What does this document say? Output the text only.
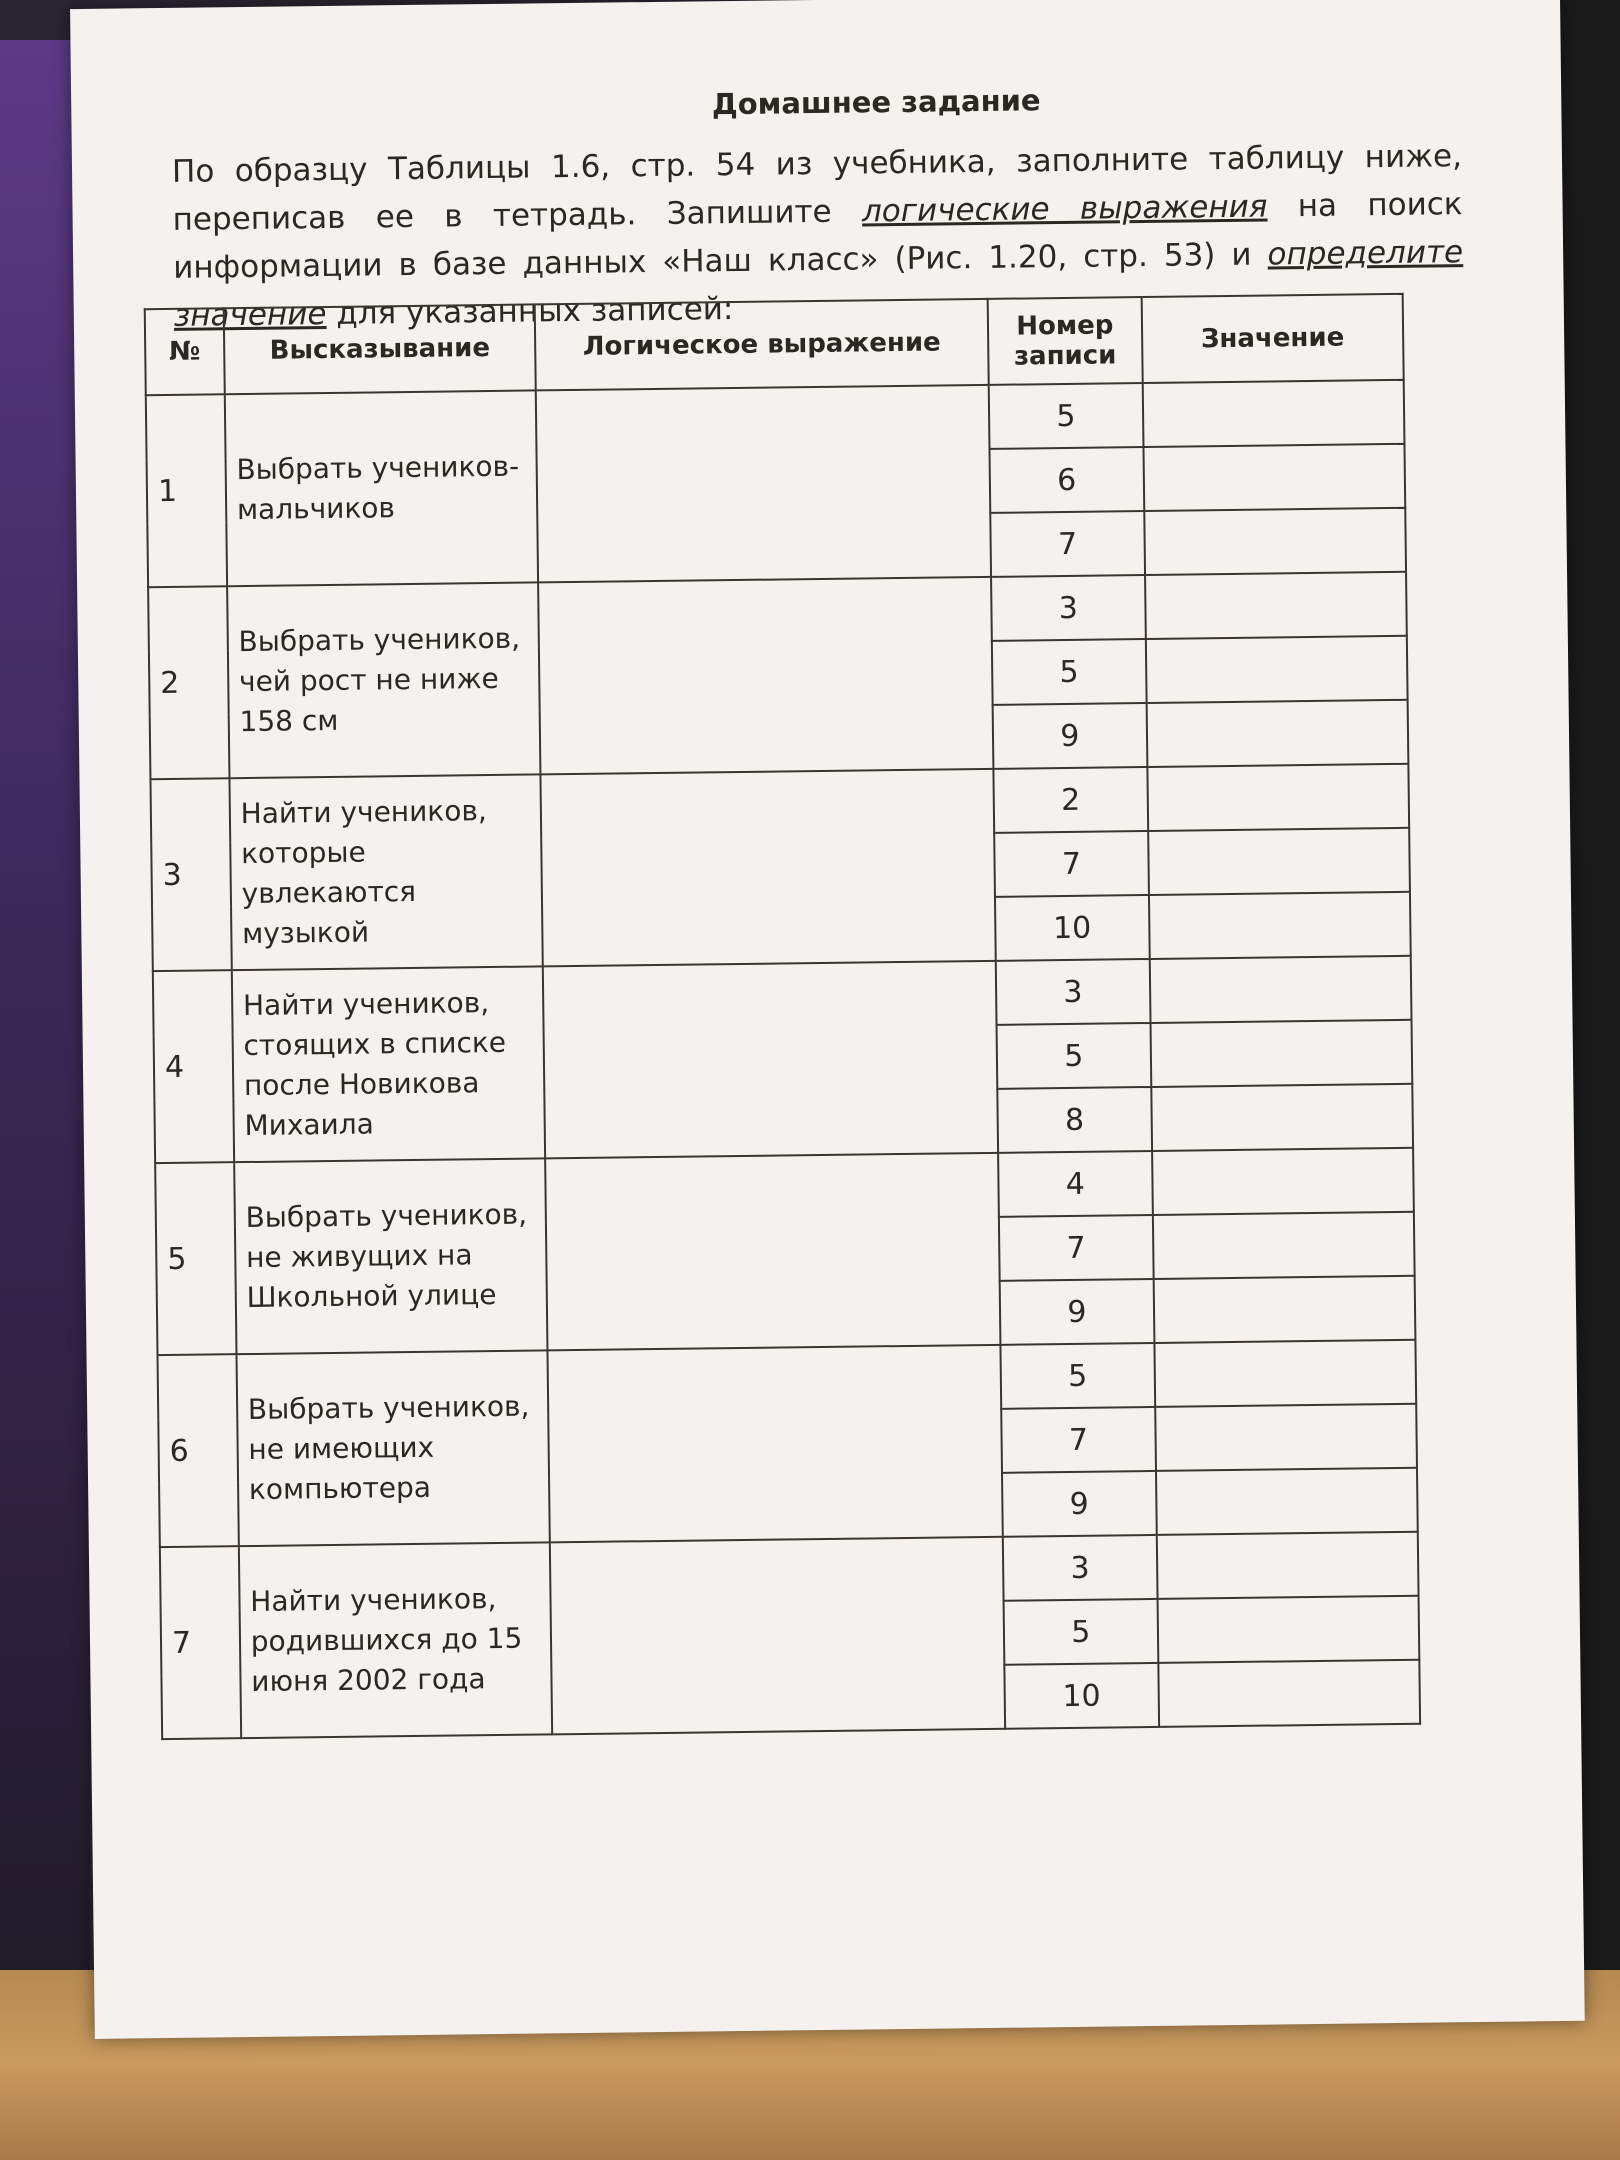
Домашнее задание

По образцу Таблицы 1.6, стр. 54 из учебника, заполните таблицу ниже, переписав ее в тетрадь. Запишите логические выражения на поиск информации в базе данных «Наш класс» (Рис. 1.20, стр. 53) и определите значение для указанных записей:

№	Высказывание	Логическое выражение	Номер записи	Значение
1	Выбрать учеников-мальчиков		5	
			6	
			7	
2	Выбрать учеников, чей рост не ниже 158 см		3	
			5	
			9	
3	Найти учеников, которые увлекаются музыкой		2	
			7	
			10	
4	Найти учеников, стоящих в списке после Новикова Михаила		3	
			5	
			8	
5	Выбрать учеников, не живущих на Школьной улице		4	
			7	
			9	
6	Выбрать учеников, не имеющих компьютера		5	
			7	
			9	
7	Найти учеников, родившихся до 15 июня 2002 года		3	
			5	
			10	
